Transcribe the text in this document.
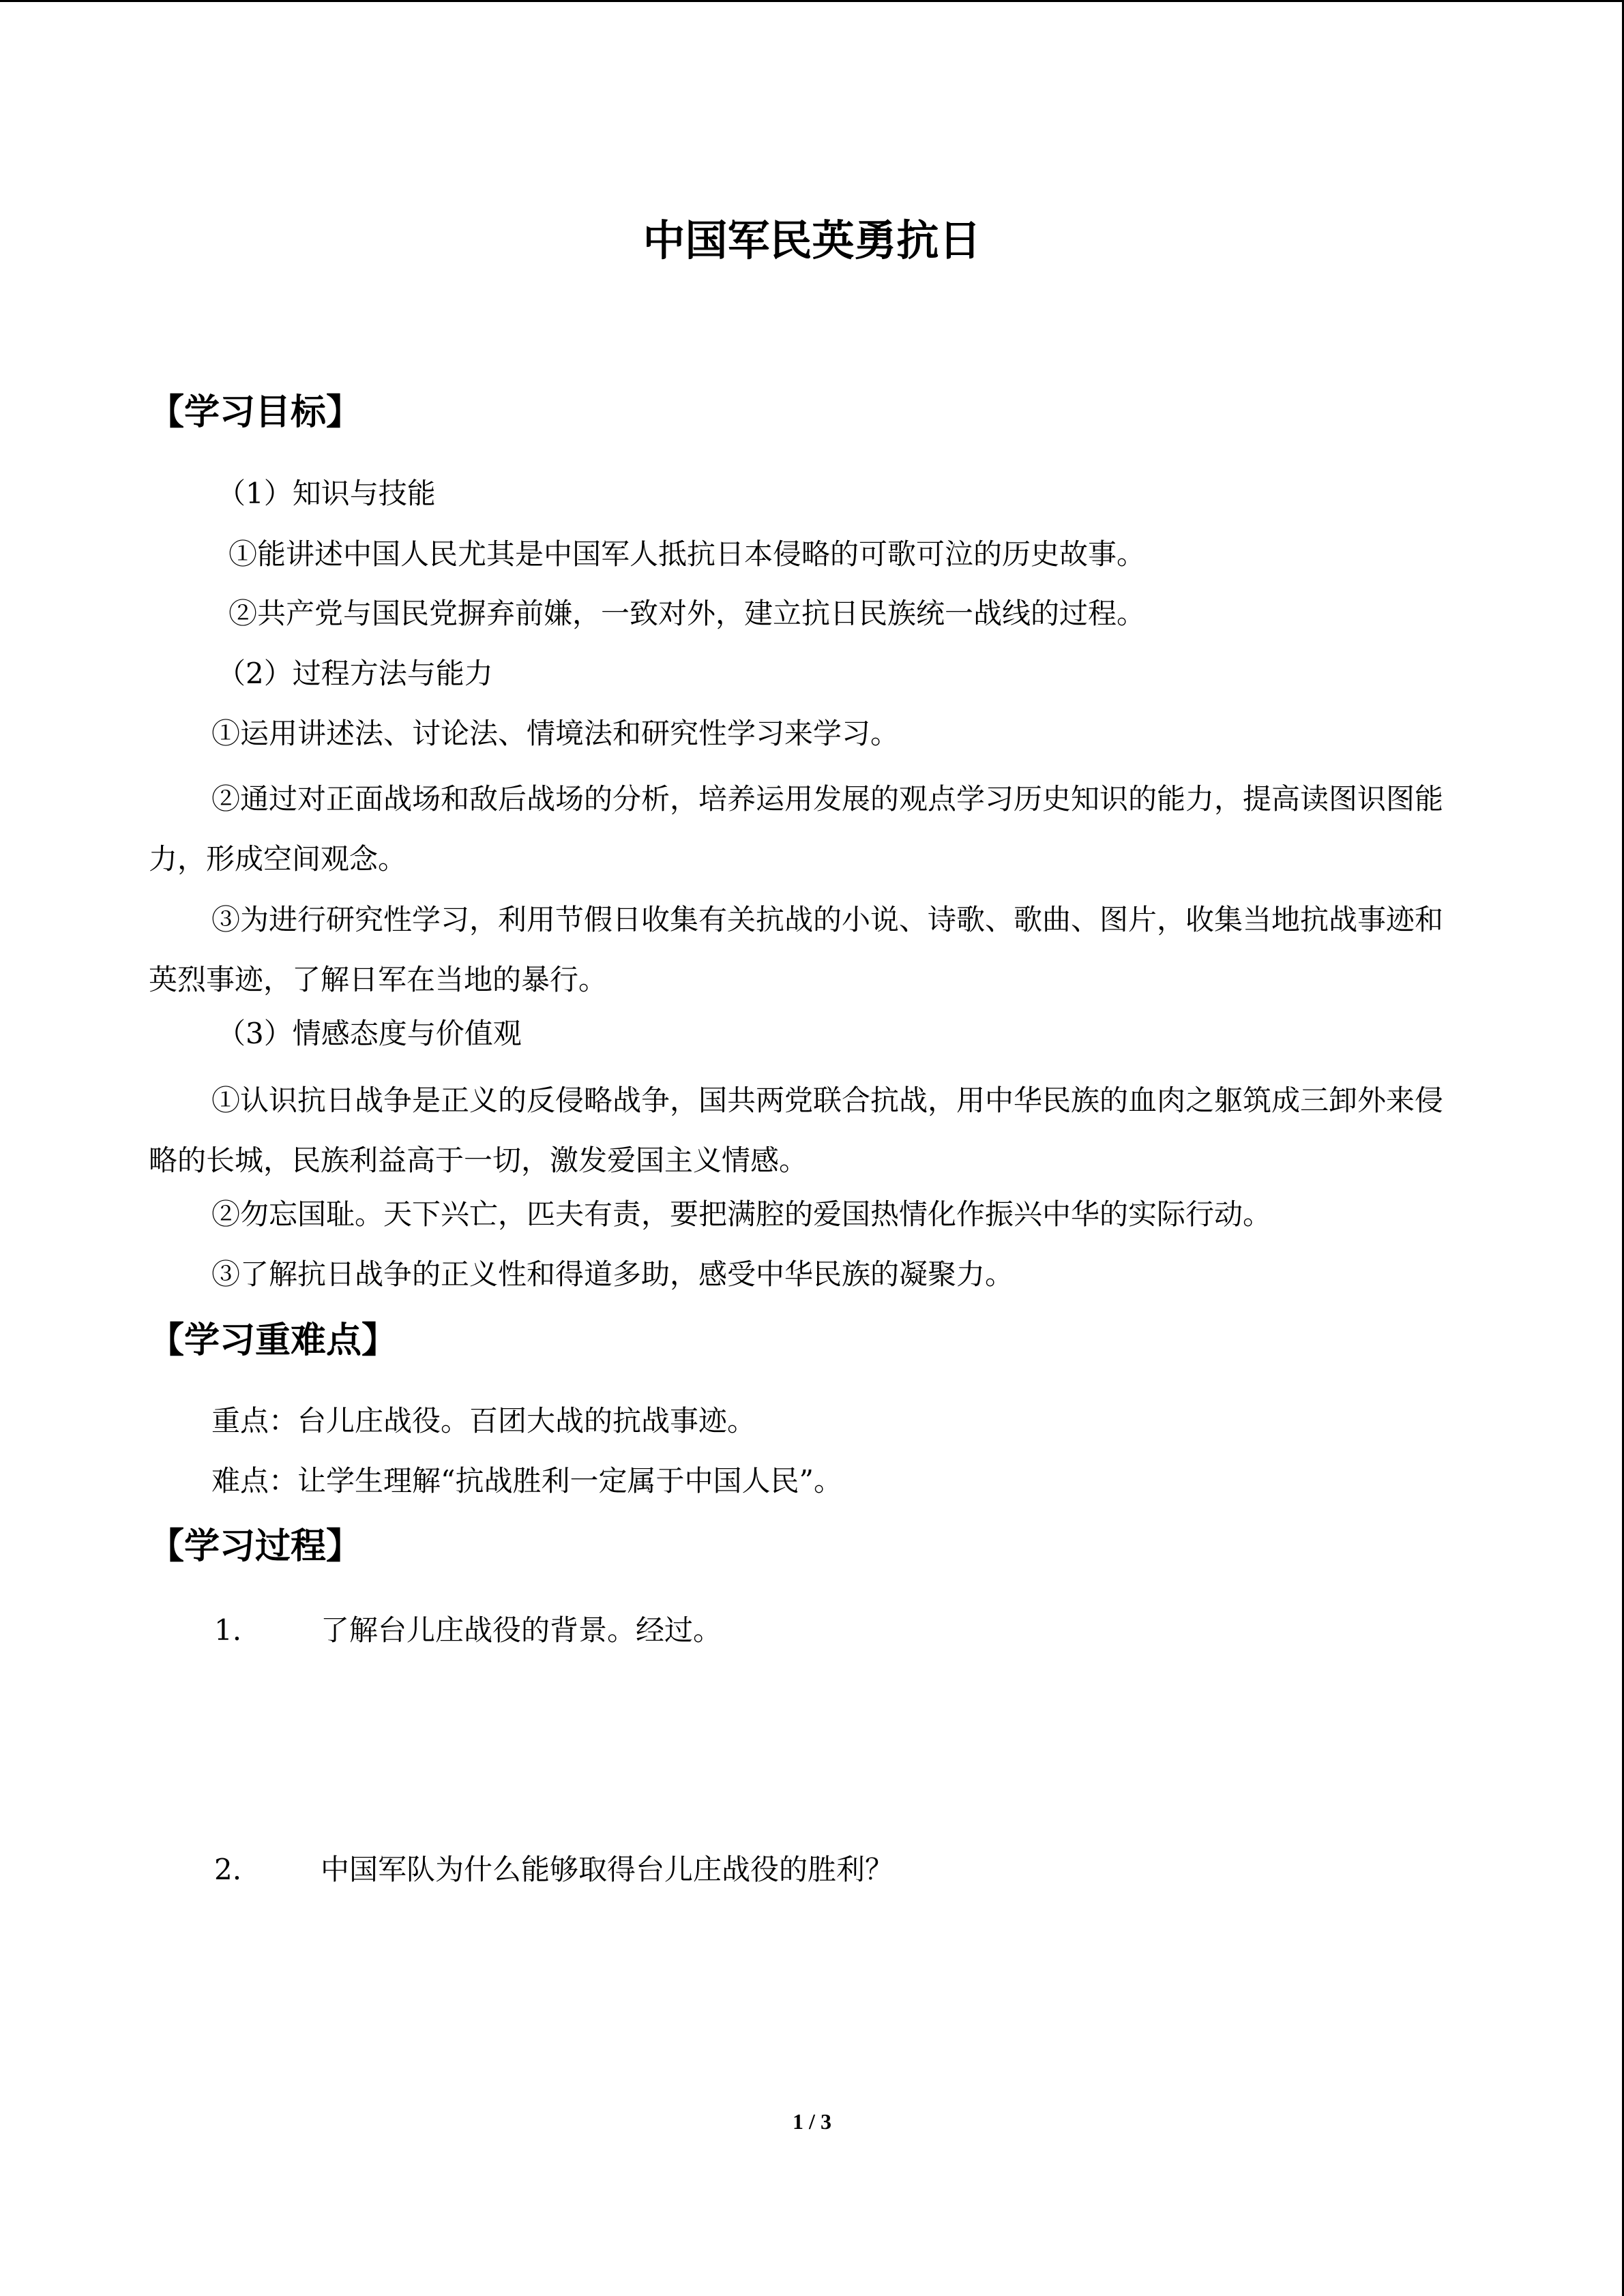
中国军民英勇抗日
【学习目标】
（1）知识与技能
①能讲述中国人民尤其是中国军人抵抗日本侵略的可歌可泣的历史故事。
②共产党与国民党摒弃前嫌，一致对外，建立抗日民族统一战线的过程。
（2）过程方法与能力
①运用讲述法、讨论法、情境法和研究性学习来学习。
②通过对正面战场和敌后战场的分析，培养运用发展的观点学习历史知识的能力，提高读图识图能力，形成空间观念。
③为进行研究性学习，利用节假日收集有关抗战的小说、诗歌、歌曲、图片，收集当地抗战事迹和英烈事迹，了解日军在当地的暴行。
（3）情感态度与价值观
①认识抗日战争是正义的反侵略战争，国共两党联合抗战，用中华民族的血肉之躯筑成三卸外来侵略的长城，民族利益高于一切，激发爱国主义情感。
②勿忘国耻。天下兴亡，匹夫有责，要把满腔的爱国热情化作振兴中华的实际行动。
③了解抗日战争的正义性和得道多助，感受中华民族的凝聚力。
【学习重难点】
重点：台儿庄战役。百团大战的抗战事迹。
难点：让学生理解“抗战胜利一定属于中国人民”。
【学习过程】
1.	了解台儿庄战役的背景。经过。
2.	中国军队为什么能够取得台儿庄战役的胜利？
1 / 3
